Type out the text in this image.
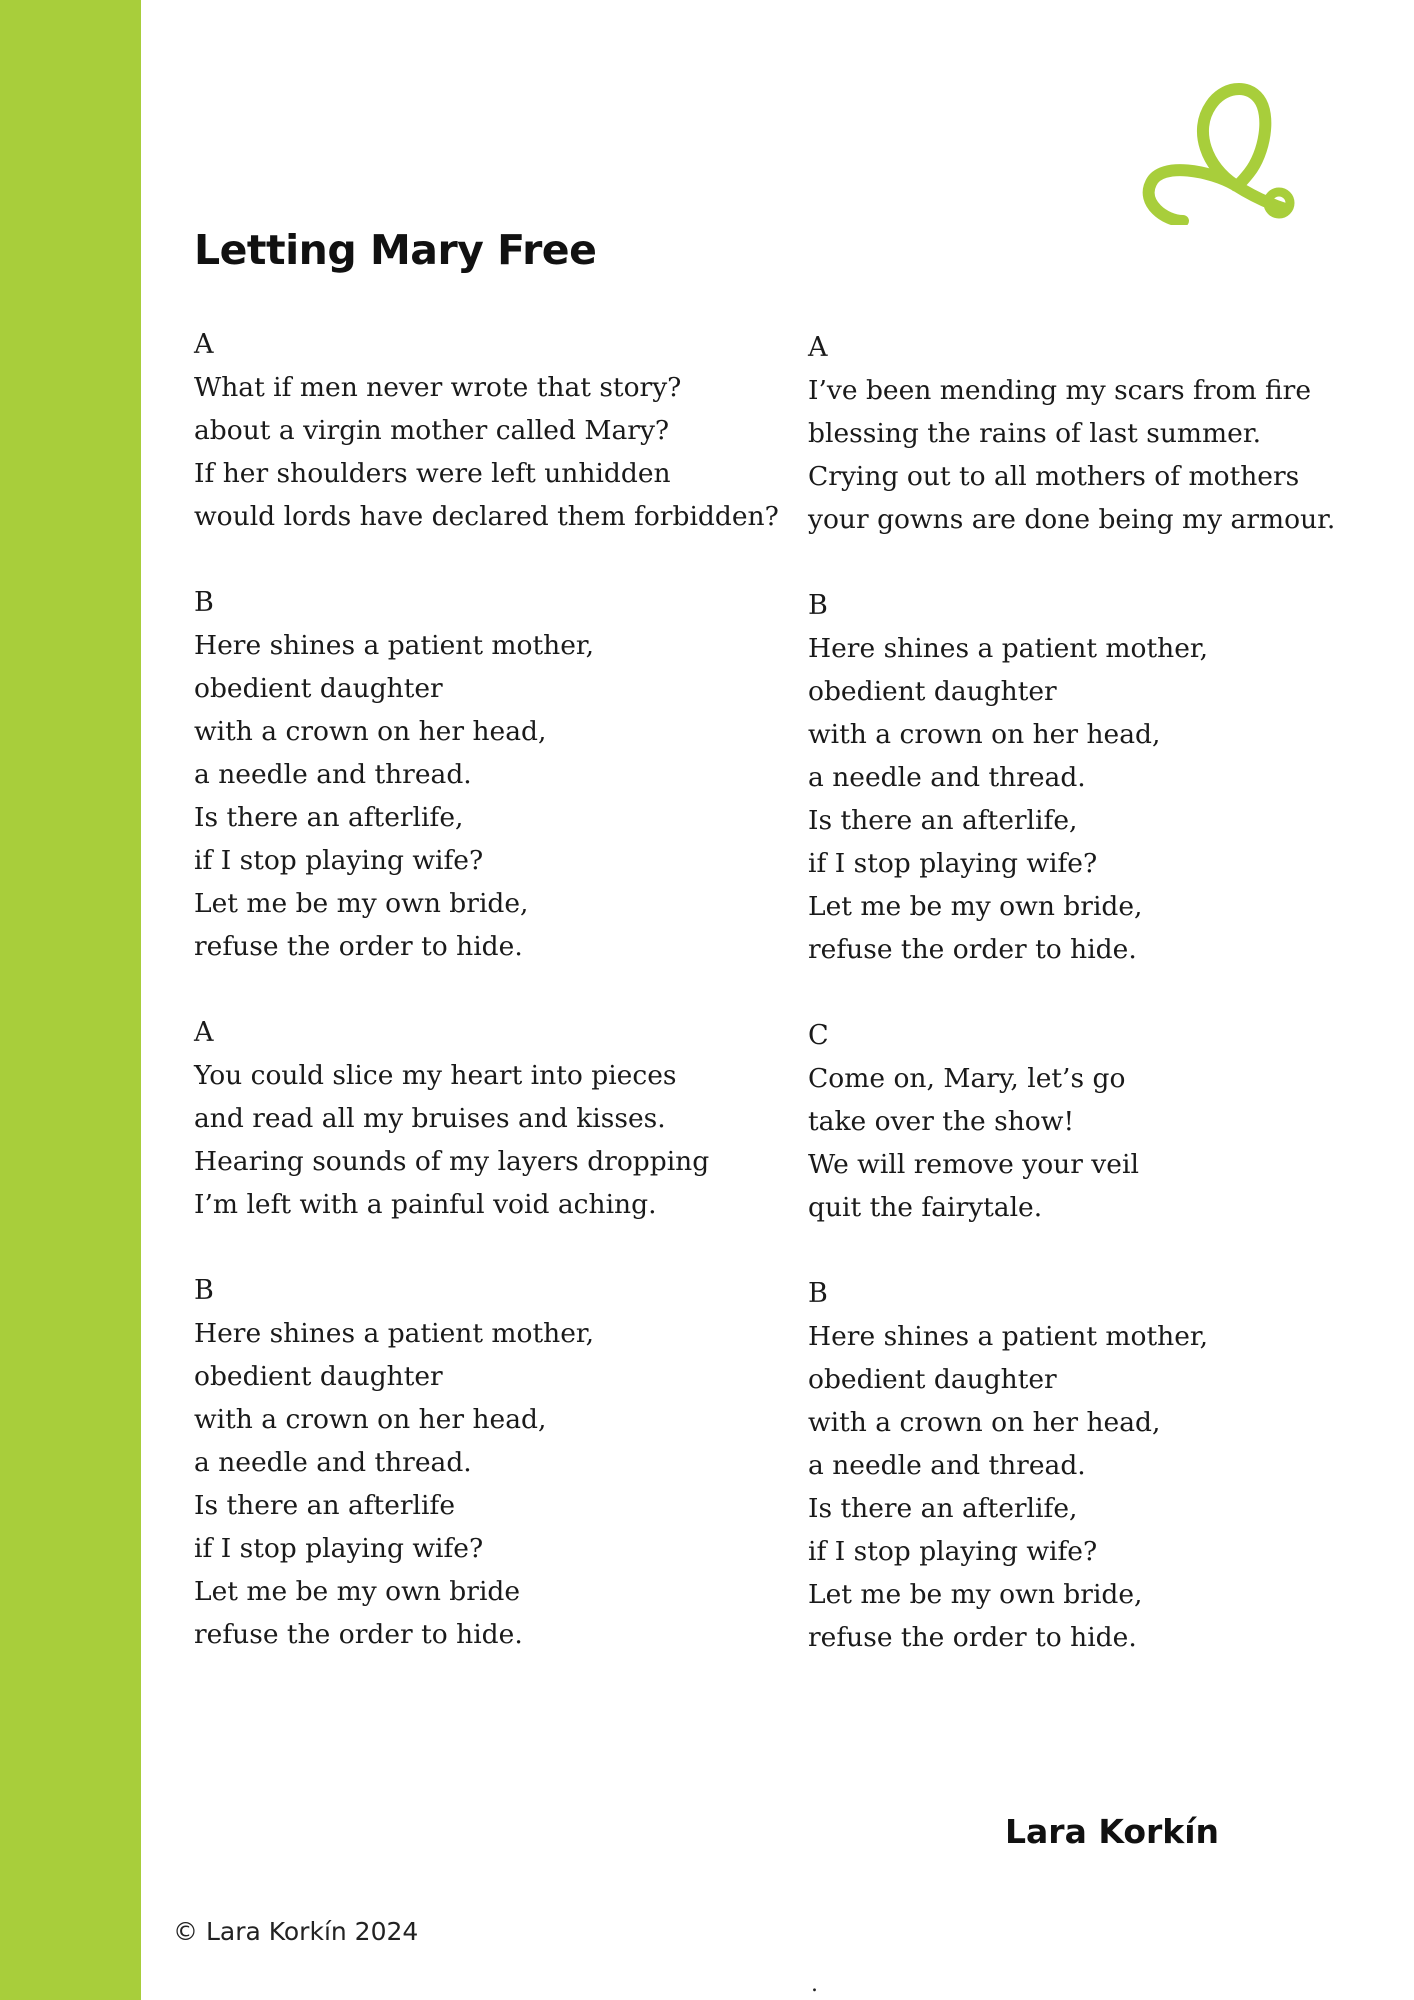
Letting Mary Free
A
What if men never wrote that story?
about a virgin mother called Mary?
If her shoulders were left unhidden
would lords have declared them forbidden?
B
Here shines a patient mother,
obedient daughter
with a crown on her head,
a needle and thread.
Is there an afterlife,
if I stop playing wife?
Let me be my own bride,
refuse the order to hide.
A
You could slice my heart into pieces
and read all my bruises and kisses.
Hearing sounds of my layers dropping
I’m left with a painful void aching.
B
Here shines a patient mother,
obedient daughter
with a crown on her head,
a needle and thread.
Is there an afterlife
if I stop playing wife?
Let me be my own bride
refuse the order to hide.
A
I’ve been mending my scars from fire
blessing the rains of last summer.
Crying out to all mothers of mothers
your gowns are done being my armour.
B
Here shines a patient mother,
obedient daughter
with a crown on her head,
a needle and thread.
Is there an afterlife,
if I stop playing wife?
Let me be my own bride,
refuse the order to hide.
C
Come on, Mary, let’s go
take over the show!
We will remove your veil
quit the fairytale.
B
Here shines a patient mother,
obedient daughter
with a crown on her head,
a needle and thread.
Is there an afterlife,
if I stop playing wife?
Let me be my own bride,
refuse the order to hide.
Lara Korkín
© Lara Korkín 2024
.
